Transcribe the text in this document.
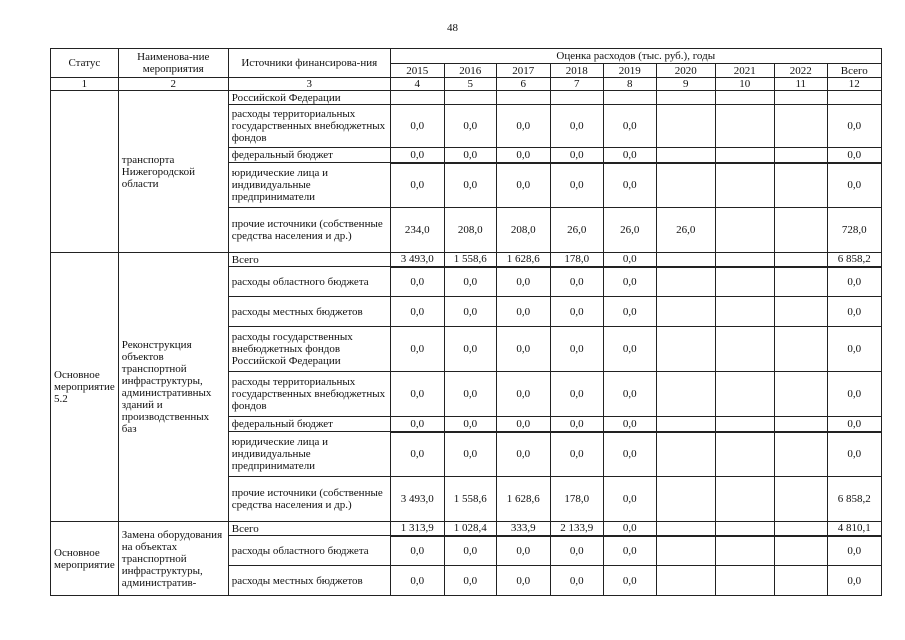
48
Статус	Наименова-ние мероприятия	Источники финансирова-ния	Оценка расходов (тыс. руб.), годы								
			2015	2016	2017	2018	2019	2020	2021	2022	Всего
1	2	3	4	5	6	7	8	9	10	11	12
	транспорта Нижегородской области	Российской Федерации									
		расходы территориальных государственных внебюджетных фондов	0,0	0,0	0,0	0,0	0,0				0,0
		федеральный бюджет	0,0	0,0	0,0	0,0	0,0				0,0
		юридические лица и индивидуальные предприниматели	0,0	0,0	0,0	0,0	0,0				0,0
		прочие источники (собственные средства населения и др.)	234,0	208,0	208,0	26,0	26,0	26,0			728,0
Основное мероприятие 5.2	Реконструкция объектов транспортной инфраструктуры, административных зданий и производственных баз	Всего	3 493,0	1 558,6	1 628,6	178,0	0,0				6 858,2
		расходы областного бюджета	0,0	0,0	0,0	0,0	0,0				0,0
		расходы местных бюджетов	0,0	0,0	0,0	0,0	0,0				0,0
		расходы государственных внебюджетных фондов Российской Федерации	0,0	0,0	0,0	0,0	0,0				0,0
		расходы территориальных государственных внебюджетных фондов	0,0	0,0	0,0	0,0	0,0				0,0
		федеральный бюджет	0,0	0,0	0,0	0,0	0,0				0,0
		юридические лица и индивидуальные предприниматели	0,0	0,0	0,0	0,0	0,0				0,0
		прочие источники (собственные средства населения и др.)	3 493,0	1 558,6	1 628,6	178,0	0,0				6 858,2
Основное мероприятие	Замена оборудования на объектах транспортной инфраструктуры, административ-	Всего	1 313,9	1 028,4	333,9	2 133,9	0,0				4 810,1
		расходы областного бюджета	0,0	0,0	0,0	0,0	0,0				0,0
		расходы местных бюджетов	0,0	0,0	0,0	0,0	0,0				0,0
